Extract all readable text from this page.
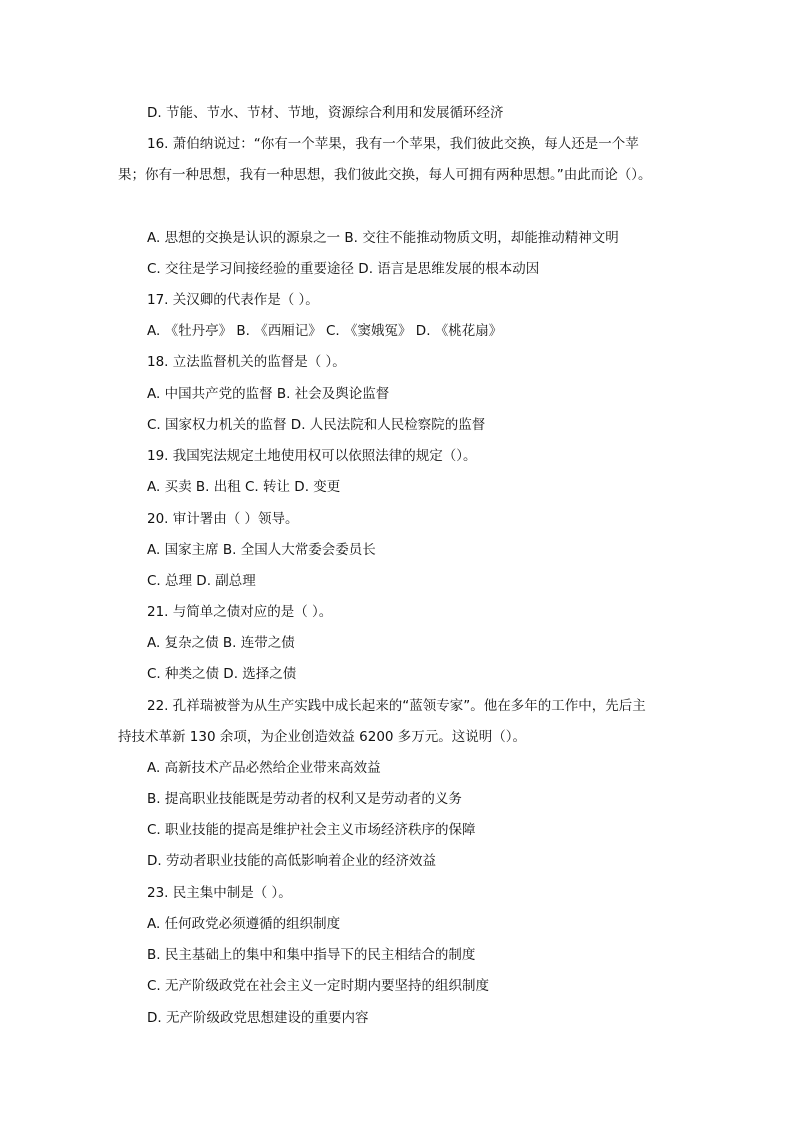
D. 节能、节水、节材、节地，资源综合利用和发展循环经济
16. 萧伯纳说过：“你有一个苹果，我有一个苹果，我们彼此交换，每人还是一个苹
果；你有一种思想，我有一种思想，我们彼此交换，每人可拥有两种思想。”由此而论（）。
A. 思想的交换是认识的源泉之一 B. 交往不能推动物质文明，却能推动精神文明
C. 交往是学习间接经验的重要途径 D. 语言是思维发展的根本动因
17. 关汉卿的代表作是（ ）。
A. 《牡丹亭》 B. 《西厢记》 C. 《窦娥冤》 D. 《桃花扇》
18. 立法监督机关的监督是（ ）。
A. 中国共产党的监督 B. 社会及舆论监督
C. 国家权力机关的监督 D. 人民法院和人民检察院的监督
19. 我国宪法规定土地使用权可以依照法律的规定（）。
A. 买卖 B. 出租 C. 转让 D. 变更
20. 审计署由（ ）领导。
A. 国家主席 B. 全国人大常委会委员长
C. 总理 D. 副总理
21. 与简单之债对应的是（ ）。
A. 复杂之债 B. 连带之债
C. 种类之债 D. 选择之债
22. 孔祥瑞被誉为从生产实践中成长起来的“蓝领专家”。他在多年的工作中，先后主
持技术革新 130 余项，为企业创造效益 6200 多万元。这说明（）。
A. 高新技术产品必然给企业带来高效益
B. 提高职业技能既是劳动者的权利又是劳动者的义务
C. 职业技能的提高是维护社会主义市场经济秩序的保障
D. 劳动者职业技能的高低影响着企业的经济效益
23. 民主集中制是（ ）。
A. 任何政党必须遵循的组织制度
B. 民主基础上的集中和集中指导下的民主相结合的制度
C. 无产阶级政党在社会主义一定时期内要坚持的组织制度
D. 无产阶级政党思想建设的重要内容
